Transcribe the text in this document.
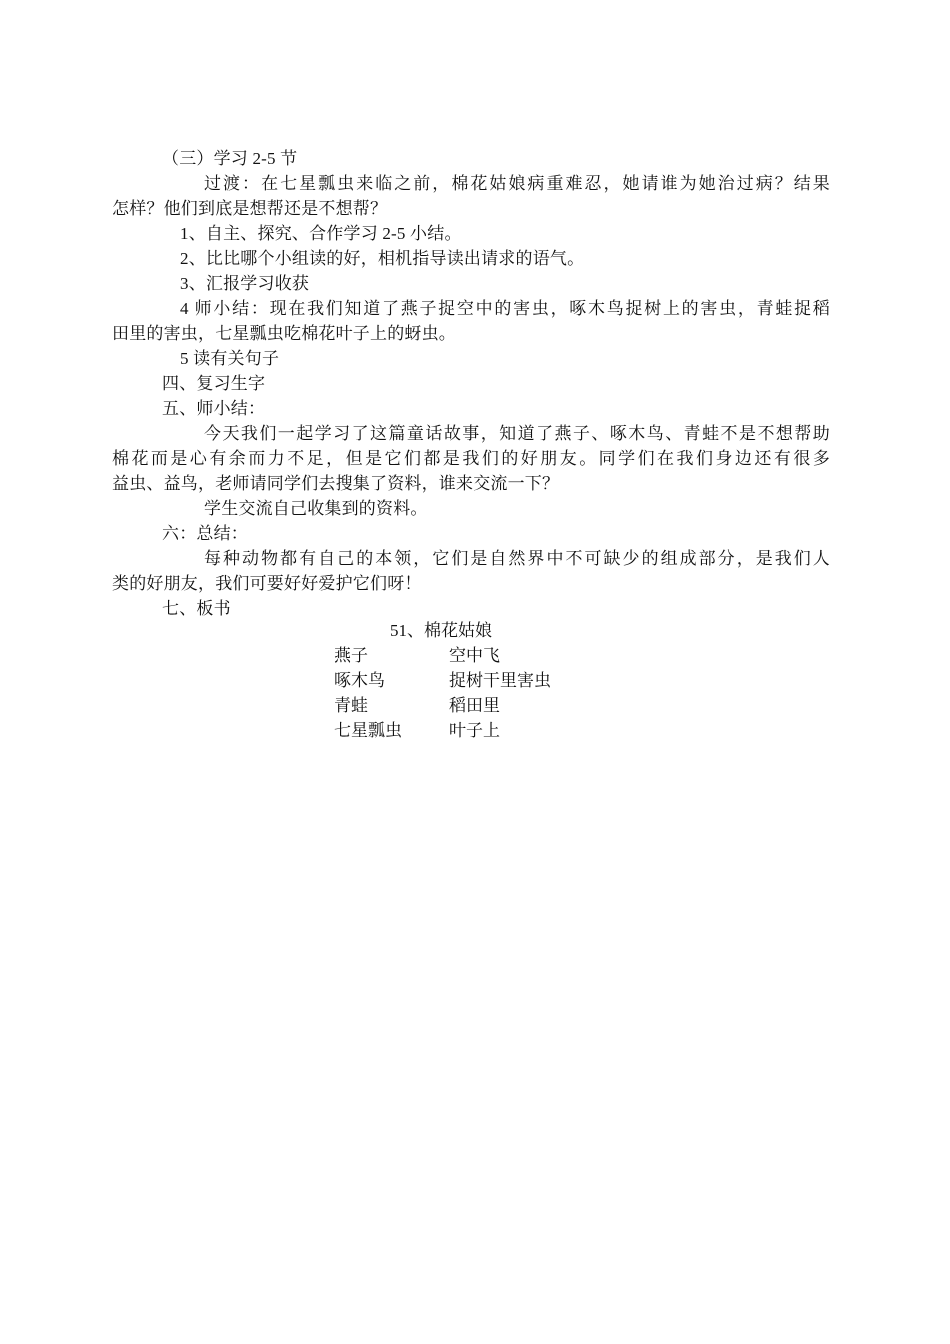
（三）学习 2-5 节
过渡：在七星瓢虫来临之前，棉花姑娘病重难忍，她请谁为她治过病？结果
怎样？他们到底是想帮还是不想帮？
1、自主、探究、合作学习 2-5 小结。
2、比比哪个小组读的好，相机指导读出请求的语气。
3、汇报学习收获
4 师小结：现在我们知道了燕子捉空中的害虫，啄木鸟捉树上的害虫，青蛙捉稻
田里的害虫，七星瓢虫吃棉花叶子上的蚜虫。
5 读有关句子
四、复习生字
五、师小结：
今天我们一起学习了这篇童话故事，知道了燕子、啄木鸟、青蛙不是不想帮助
棉花而是心有余而力不足，但是它们都是我们的好朋友。同学们在我们身边还有很多
益虫、益鸟，老师请同学们去搜集了资料，谁来交流一下？
学生交流自己收集到的资料。
六：总结：
每种动物都有自己的本领，它们是自然界中不可缺少的组成部分，是我们人
类的好朋友，我们可要好好爱护它们呀！
七、板书
51、棉花姑娘
燕子	空中飞
啄木鸟	捉树干里害虫
青蛙	稻田里
七星瓢虫	叶子上
